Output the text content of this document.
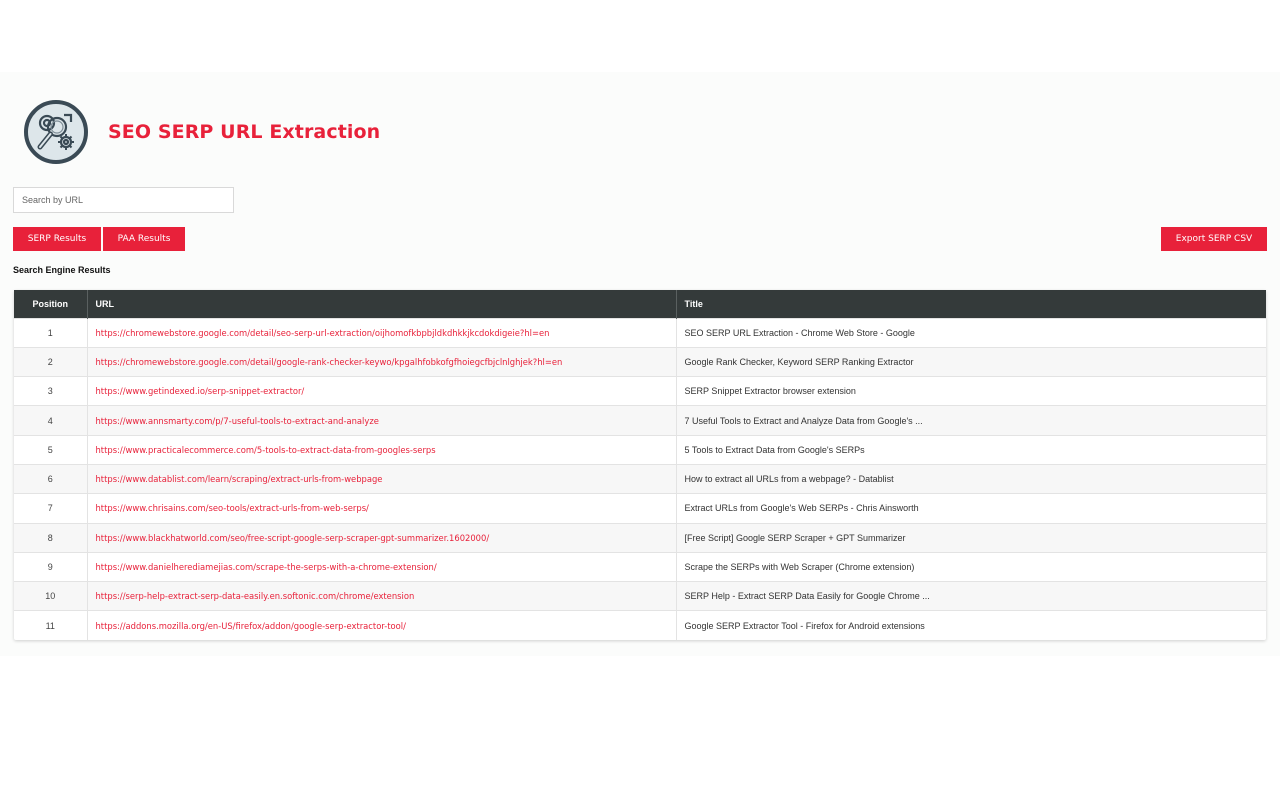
SEO SERP URL Extraction
Search by URL
SERP Results	PAA Results	Export SERP CSV
Search Engine Results
Position	URL	Title
1	https://chromewebstore.google.com/detail/seo-serp-url-extraction/oijhomofkbpbjldkdhkkjkcdokdigeie?hl=en	SEO SERP URL Extraction - Chrome Web Store - Google
2	https://chromewebstore.google.com/detail/google-rank-checker-keywo/kpgalhfobkofgfhoiegcfbjclnlghjek?hl=en	Google Rank Checker, Keyword SERP Ranking Extractor
3	https://www.getindexed.io/serp-snippet-extractor/	SERP Snippet Extractor browser extension
4	https://www.annsmarty.com/p/7-useful-tools-to-extract-and-analyze	7 Useful Tools to Extract and Analyze Data from Google's ...
5	https://www.practicalecommerce.com/5-tools-to-extract-data-from-googles-serps	5 Tools to Extract Data from Google's SERPs
6	https://www.datablist.com/learn/scraping/extract-urls-from-webpage	How to extract all URLs from a webpage? - Datablist
7	https://www.chrisains.com/seo-tools/extract-urls-from-web-serps/	Extract URLs from Google's Web SERPs - Chris Ainsworth
8	https://www.blackhatworld.com/seo/free-script-google-serp-scraper-gpt-summarizer.1602000/	[Free Script] Google SERP Scraper + GPT Summarizer
9	https://www.danielherediamejias.com/scrape-the-serps-with-a-chrome-extension/	Scrape the SERPs with Web Scraper (Chrome extension)
10	https://serp-help-extract-serp-data-easily.en.softonic.com/chrome/extension	SERP Help - Extract SERP Data Easily for Google Chrome ...
11	https://addons.mozilla.org/en-US/firefox/addon/google-serp-extractor-tool/	Google SERP Extractor Tool - Firefox for Android extensions
